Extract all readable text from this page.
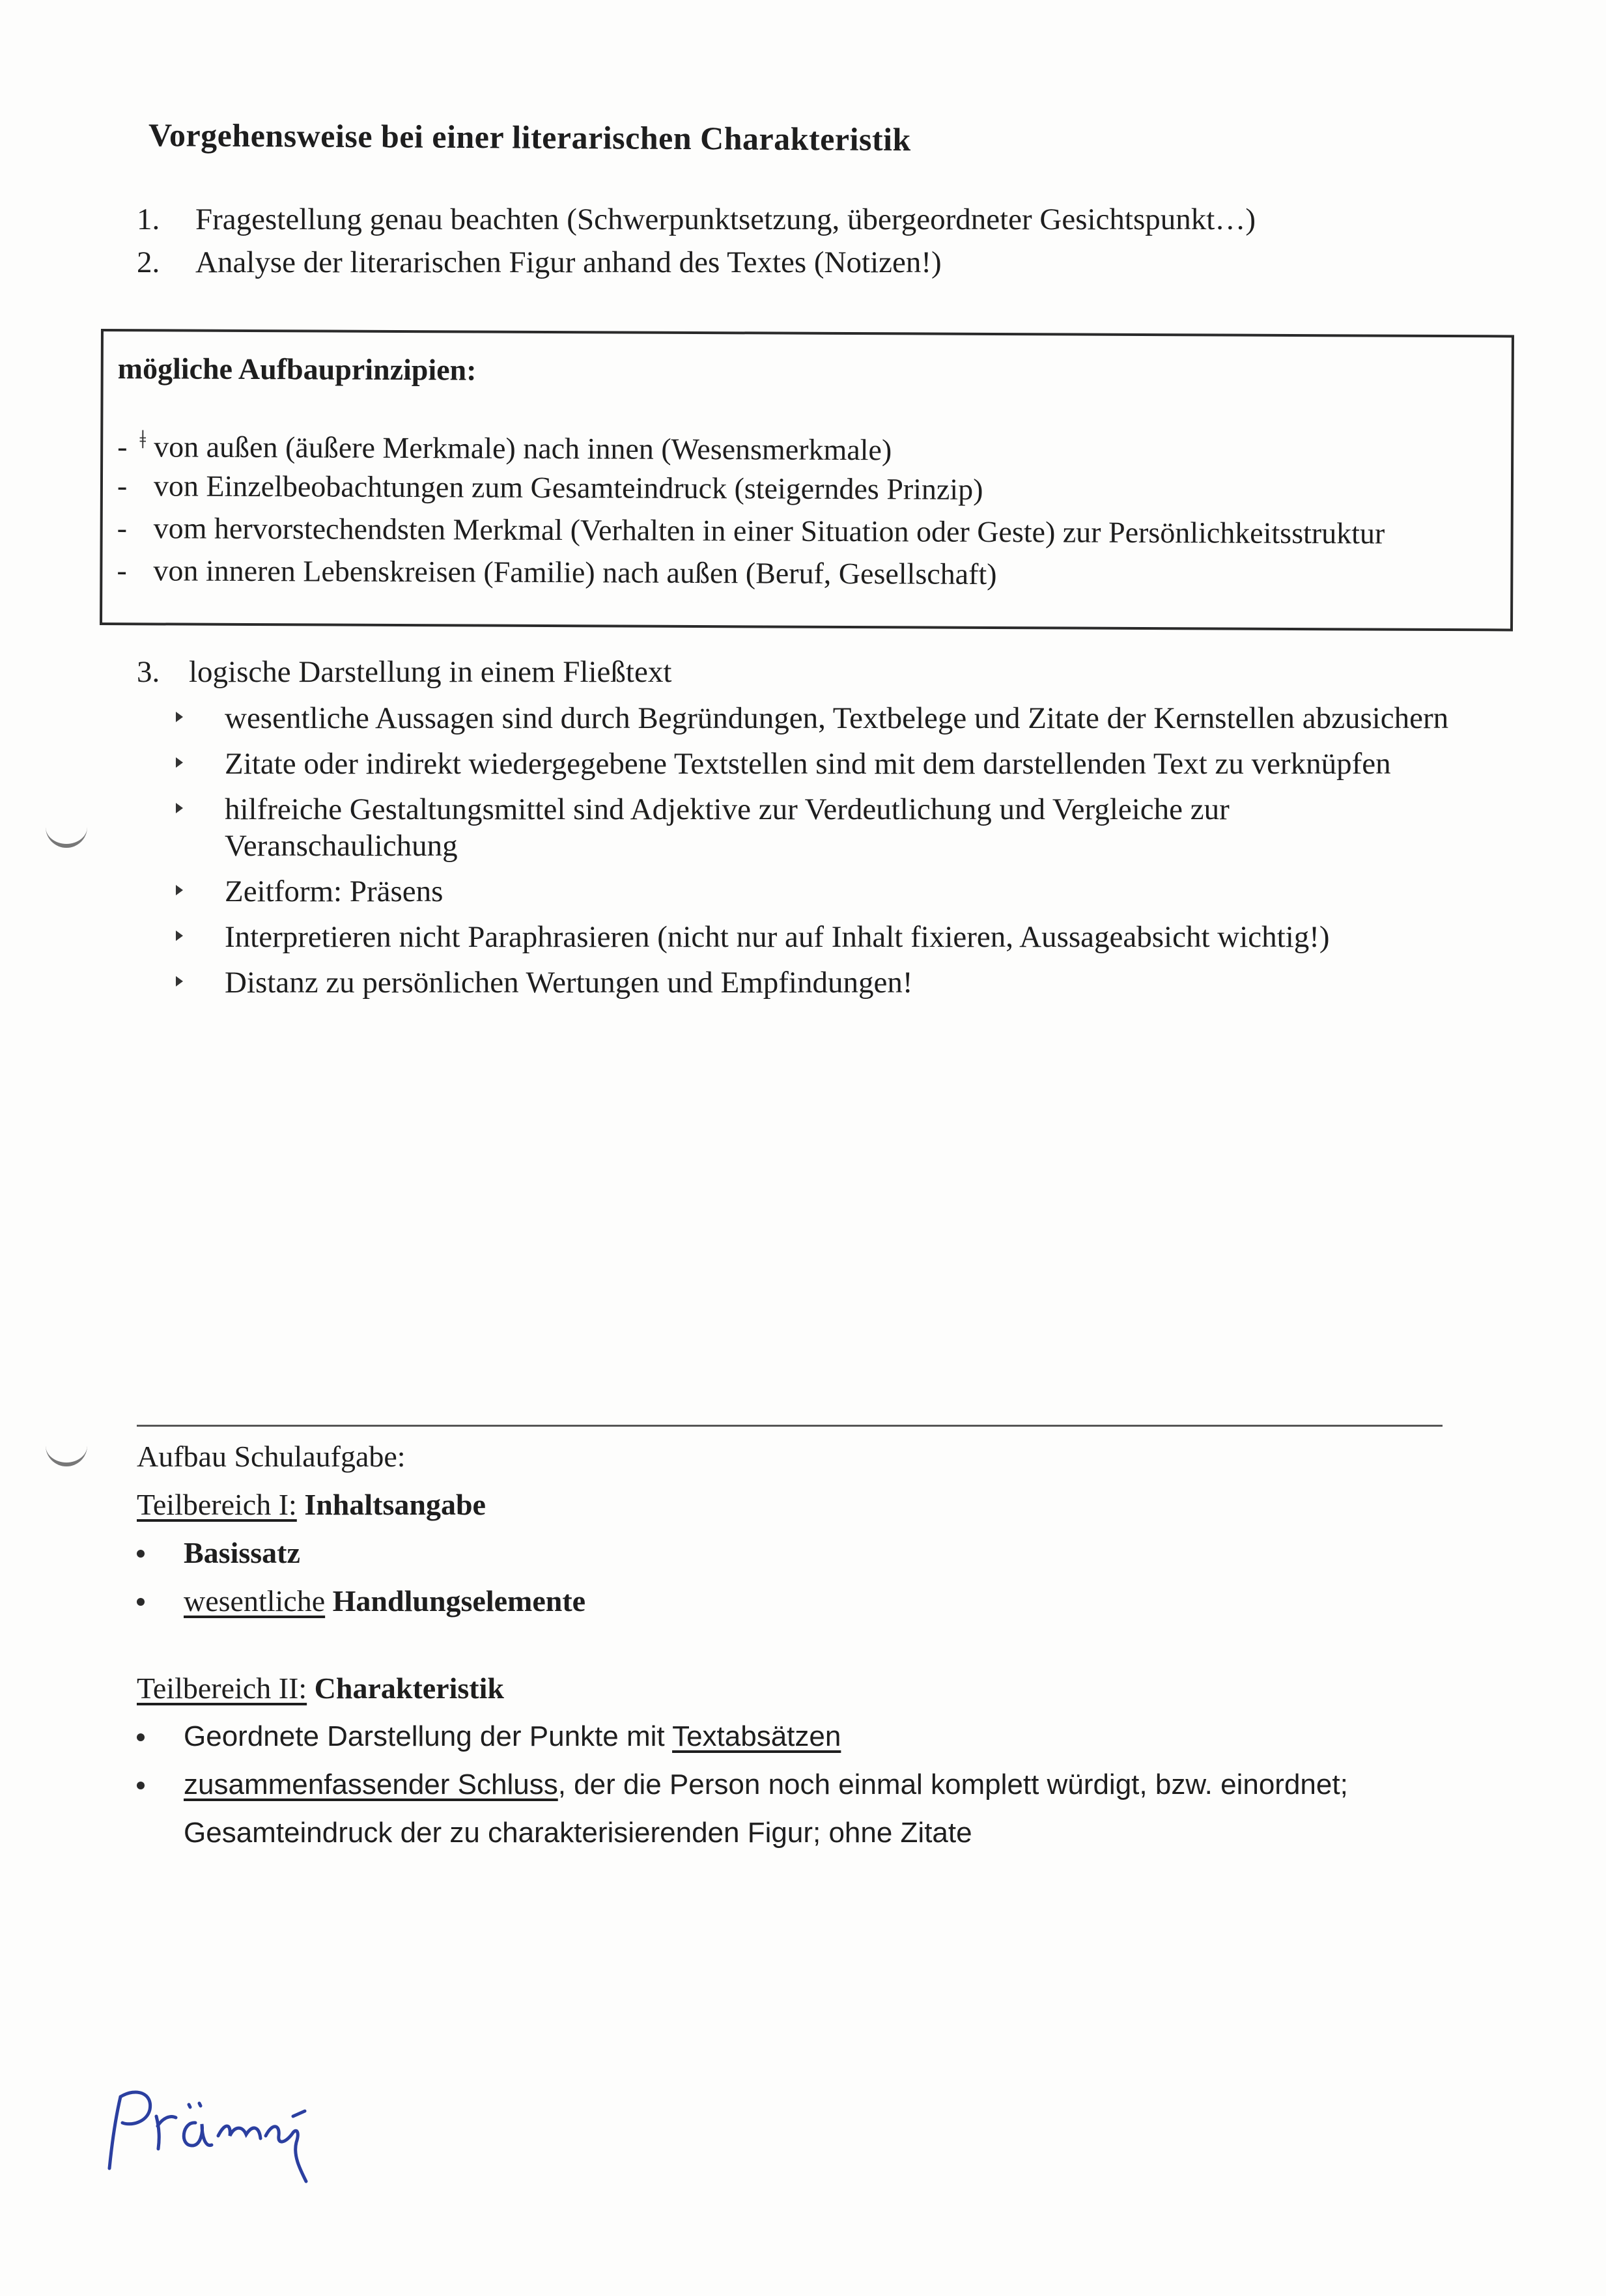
Vorgehensweise bei einer literarischen Charakteristik
1.	Fragestellung genau beachten (Schwerpunktsetzung, übergeordneter Gesichtspunkt…)
2.	Analyse der literarischen Figur anhand des Textes (Notizen!)
mögliche Aufbauprinzipien:
- ǂ von außen (äußere Merkmale) nach innen (Wesensmerkmale)
- von Einzelbeobachtungen zum Gesamteindruck (steigerndes Prinzip)
- vom hervorstechendsten Merkmal (Verhalten in einer Situation oder Geste) zur Persönlichkeitsstruktur
- von inneren Lebenskreisen (Familie) nach außen (Beruf, Gesellschaft)
3. logische Darstellung in einem Fließtext
wesentliche Aussagen sind durch Begründungen, Textbelege und Zitate der Kernstellen abzusichern
Zitate oder indirekt wiedergegebene Textstellen sind mit dem darstellenden Text zu verknüpfen
hilfreiche Gestaltungsmittel sind Adjektive zur Verdeutlichung und Vergleiche zur Veranschaulichung
Zeitform: Präsens
Interpretieren nicht Paraphrasieren (nicht nur auf Inhalt fixieren, Aussageabsicht wichtig!)
Distanz zu persönlichen Wertungen und Empfindungen!
Aufbau Schulaufgabe:
Teilbereich I: Inhaltsangabe
Basissatz
wesentliche Handlungselemente
Teilbereich II: Charakteristik
Geordnete Darstellung der Punkte mit Textabsätzen
zusammenfassender Schluss, der die Person noch einmal komplett würdigt, bzw. einordnet;
Gesamteindruck der zu charakterisierenden Figur; ohne Zitate
Präsens
